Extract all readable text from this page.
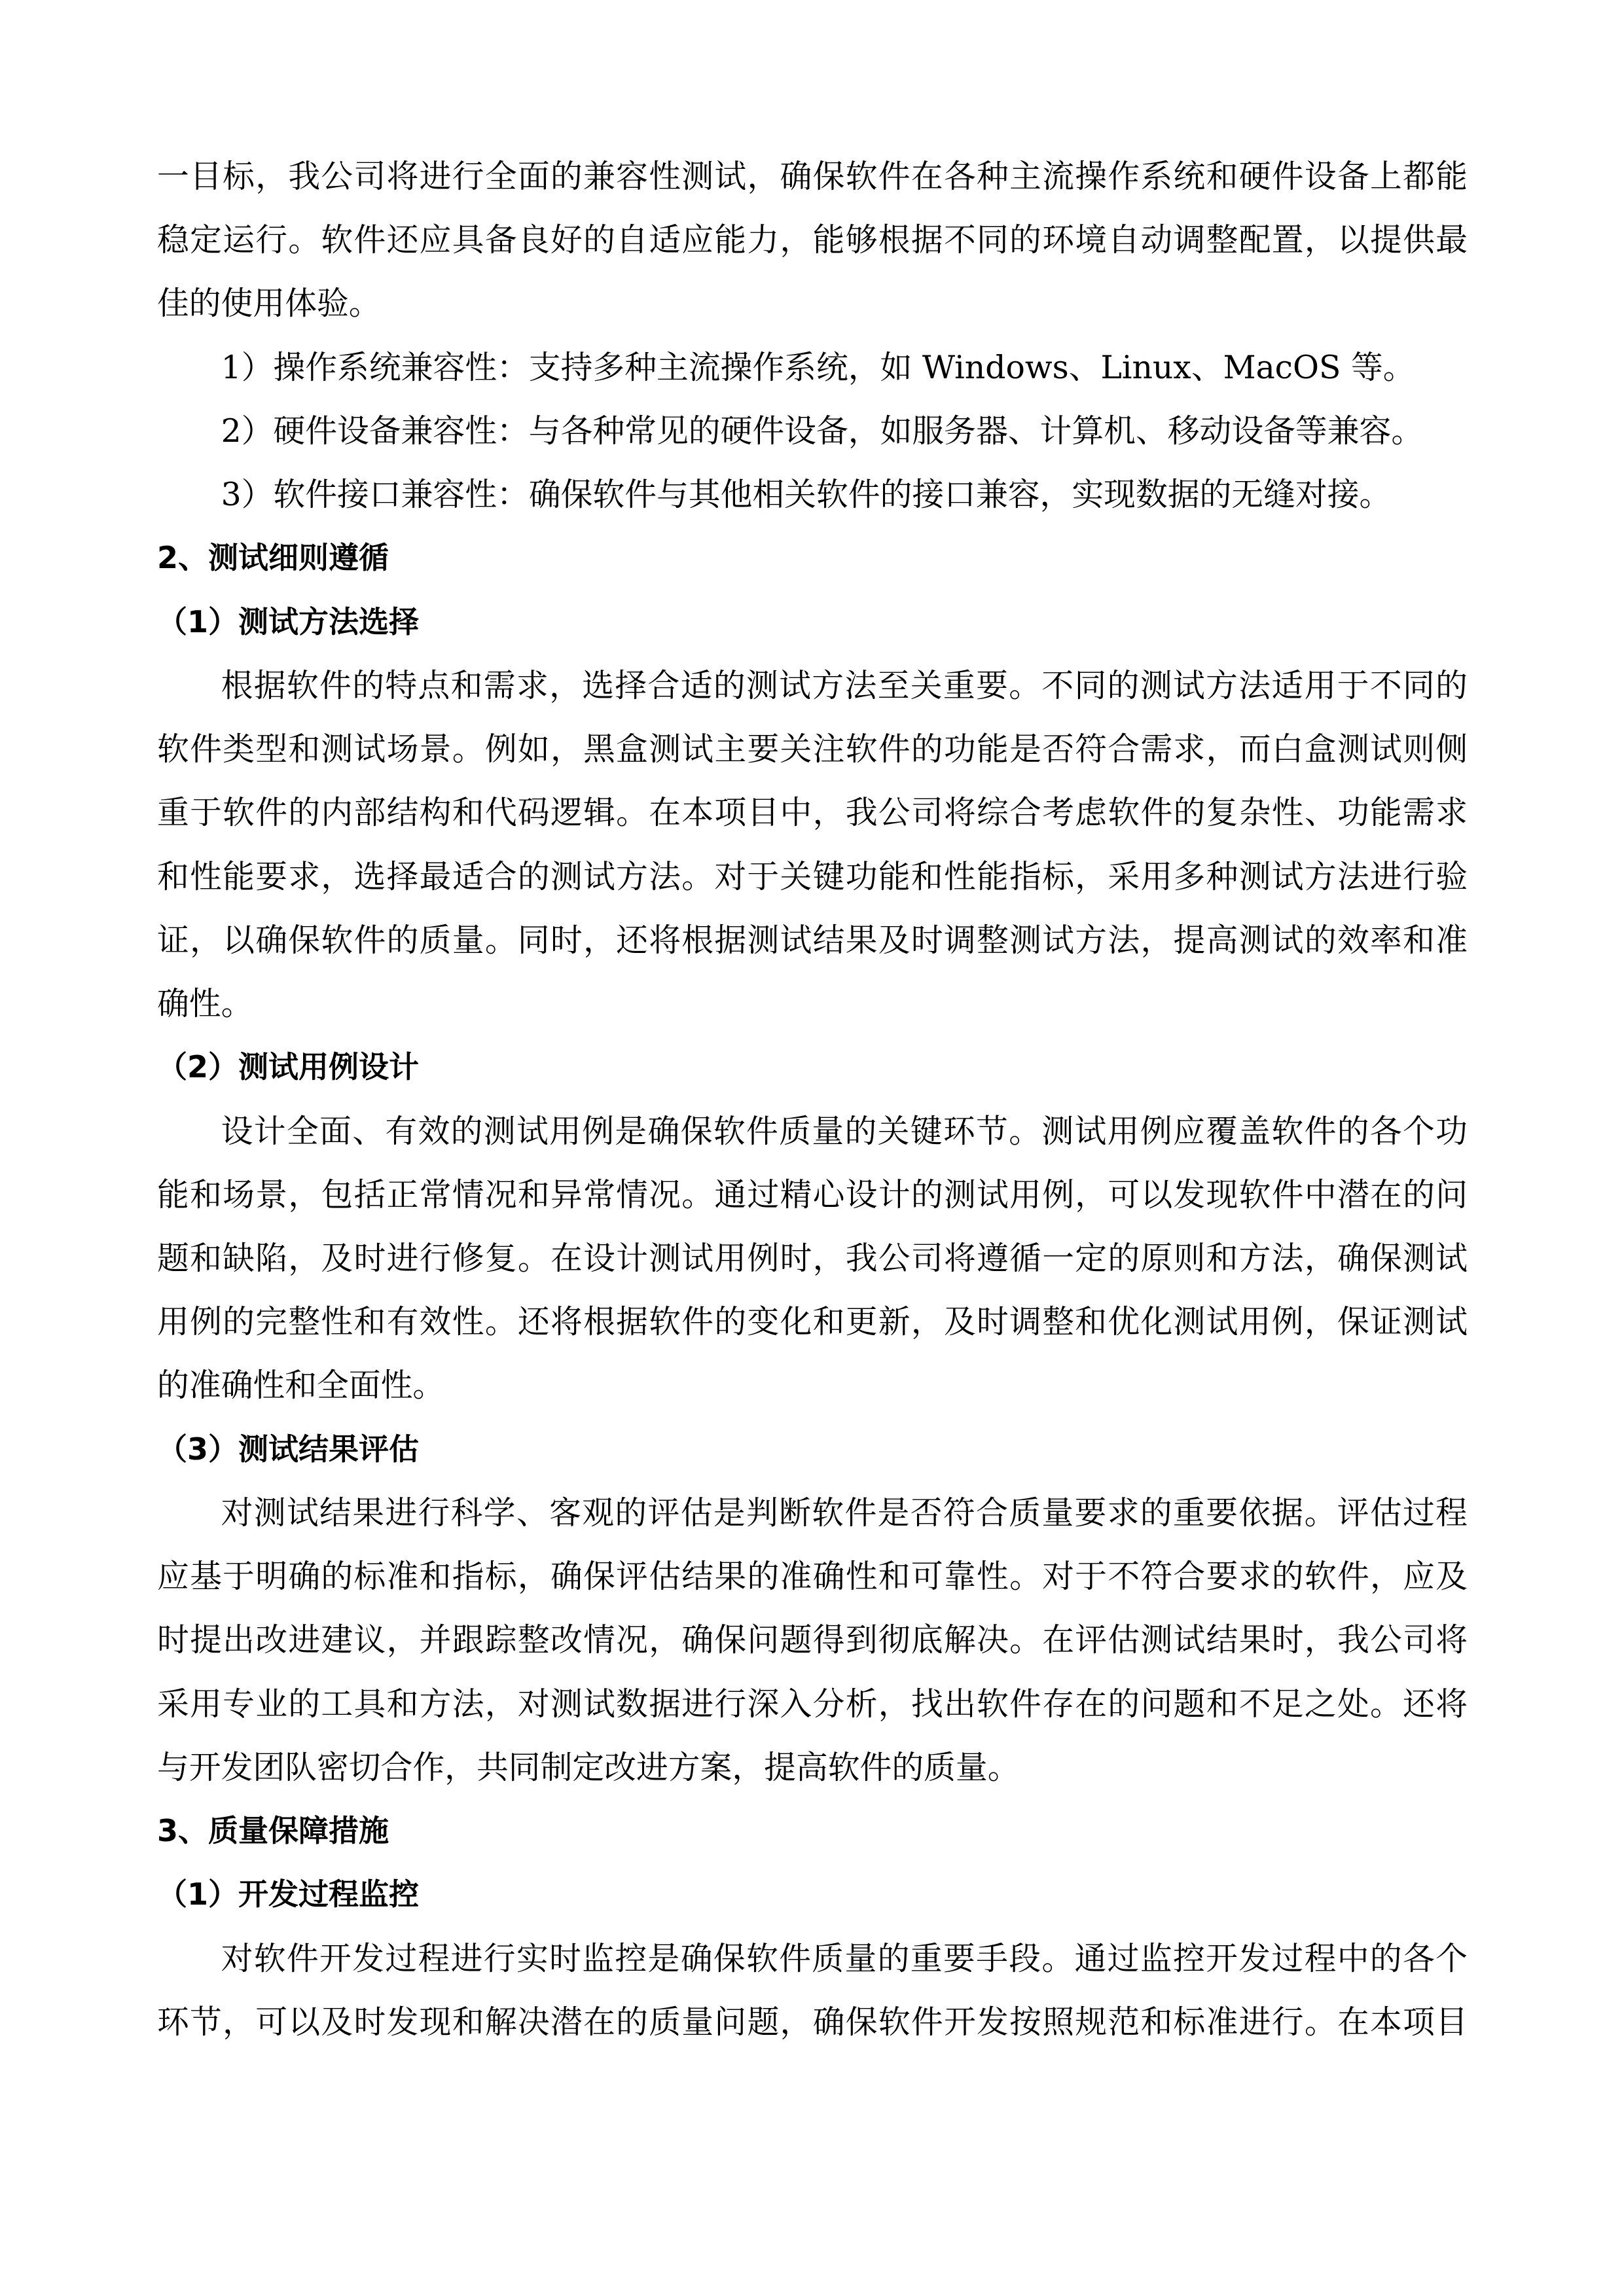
一目标，我公司将进行全面的兼容性测试，确保软件在各种主流操作系统和硬件设备上都能
稳定运行。软件还应具备良好的自适应能力，能够根据不同的环境自动调整配置，以提供最
佳的使用体验。
1）操作系统兼容性：支持多种主流操作系统，如 Windows、Linux、MacOS 等。
2）硬件设备兼容性：与各种常见的硬件设备，如服务器、计算机、移动设备等兼容。
3）软件接口兼容性：确保软件与其他相关软件的接口兼容，实现数据的无缝对接。
2、测试细则遵循
（1）测试方法选择
根据软件的特点和需求，选择合适的测试方法至关重要。不同的测试方法适用于不同的
软件类型和测试场景。例如，黑盒测试主要关注软件的功能是否符合需求，而白盒测试则侧
重于软件的内部结构和代码逻辑。在本项目中，我公司将综合考虑软件的复杂性、功能需求
和性能要求，选择最适合的测试方法。对于关键功能和性能指标，采用多种测试方法进行验
证，以确保软件的质量。同时，还将根据测试结果及时调整测试方法，提高测试的效率和准
确性。
（2）测试用例设计
设计全面、有效的测试用例是确保软件质量的关键环节。测试用例应覆盖软件的各个功
能和场景，包括正常情况和异常情况。通过精心设计的测试用例，可以发现软件中潜在的问
题和缺陷，及时进行修复。在设计测试用例时，我公司将遵循一定的原则和方法，确保测试
用例的完整性和有效性。还将根据软件的变化和更新，及时调整和优化测试用例，保证测试
的准确性和全面性。
（3）测试结果评估
对测试结果进行科学、客观的评估是判断软件是否符合质量要求的重要依据。评估过程
应基于明确的标准和指标，确保评估结果的准确性和可靠性。对于不符合要求的软件，应及
时提出改进建议，并跟踪整改情况，确保问题得到彻底解决。在评估测试结果时，我公司将
采用专业的工具和方法，对测试数据进行深入分析，找出软件存在的问题和不足之处。还将
与开发团队密切合作，共同制定改进方案，提高软件的质量。
3、质量保障措施
（1）开发过程监控
对软件开发过程进行实时监控是确保软件质量的重要手段。通过监控开发过程中的各个
环节，可以及时发现和解决潜在的质量问题，确保软件开发按照规范和标准进行。在本项目
